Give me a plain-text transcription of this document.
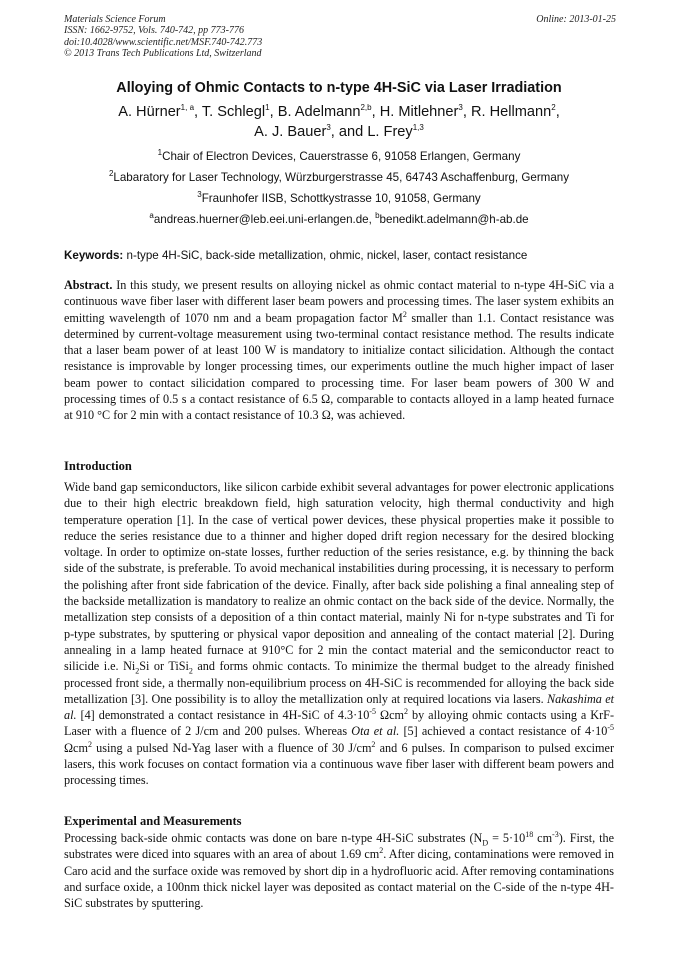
Materials Science Forum
ISSN: 1662-9752, Vols. 740-742, pp 773-776
doi:10.4028/www.scientific.net/MSF.740-742.773
© 2013 Trans Tech Publications Ltd, Switzerland
Online: 2013-01-25
Alloying of Ohmic Contacts to n-type 4H-SiC via Laser Irradiation
A. Hürner$^{1, a}$, T. Schlegl$^1$, B. Adelmann$^{2,b}$, H. Mitlehner$^3$, R. Hellmann$^2$,
A. J. Bauer$^3$, and L. Frey$^{1,3}$
$^1$Chair of Electron Devices, Cauerstrasse 6, 91058 Erlangen, Germany
$^2$Labaratory for Laser Technology, Würzburgerstrasse 45, 64743 Aschaffenburg, Germany
$^3$Fraunhofer IISB, Schottkystrasse 10, 91058, Germany
$^a$andreas.huerner@leb.eei.uni-erlangen.de, $^b$benedikt.adelmann@h-ab.de
Keywords: n-type 4H-SiC, back-side metallization, ohmic, nickel, laser, contact resistance
Abstract. In this study, we present results on alloying nickel as ohmic contact material to n-type 4H-SiC via a continuous wave fiber laser with different laser beam powers and processing times. The laser system exhibits an emitting wavelength of 1070 nm and a beam propagation factor $M^2$ smaller than 1.1. Contact resistance was determined by current-voltage measurement using two-terminal contact resistance method. The results indicate that a laser beam power of at least 100 W is mandatory to initialize contact silicidation. Although the contact resistance is improvable by longer processing times, our experiments outline the much higher impact of laser beam power to contact silicidation compared to processing time. For laser beam powers of 300 W and processing times of 0.5 s a contact resistance of 6.5 Ω, comparable to contacts alloyed in a lamp heated furnace at 910 °C for 2 min with a contact resistance of 10.3 Ω, was achieved.
Introduction
Wide band gap semiconductors, like silicon carbide exhibit several advantages for power electronic applications due to their high electric breakdown field, high saturation velocity, high thermal conductivity and high temperature operation [1]. In the case of vertical power devices, these physical properties make it possible to reduce the series resistance due to a thinner and higher doped drift region necessary for the desired blocking voltage. In order to optimize on-state losses, further reduction of the series resistance, e.g. by thinning the back side of the substrate, is preferable. To avoid mechanical instabilities during processing, it is necessary to perform the polishing after front side fabrication of the device. Finally, after back side polishing a final annealing step of the backside metallization is mandatory to realize an ohmic contact on the back side of the device. Normally, the metallization step consists of a deposition of a thin contact material, mainly Ni for n-type substrates and Ti for p-type substrates, by sputtering or physical vapor deposition and annealing of the contact material [2]. During annealing in a lamp heated furnace at 910°C for 2 min the contact material and the semiconductor react to silicide i.e. $Ni_2Si$ or TiSi$_2$ and forms ohmic contacts. To minimize the thermal budget to the already finished processed front side, a thermally non-equilibrium process on 4H-SiC is recommended for alloying the back side metallization [3]. One possibility is to alloy the metallization only at required locations via lasers. Nakashima et al. [4] demonstrated a contact resistance in 4H-SiC of $4.3\cdot 10^{-5}$ Ωcm$^2$ by alloying ohmic contacts using a KrF-Laser with a fluence of 2 J/cm and 200 pulses. Whereas Ota et al. [5] achieved a contact resistance of $4\cdot 10^{-5}$ Ωcm$^2$ using a pulsed Nd-Yag laser with a fluence of 30 $J/cm^2$ and 6 pulses. In comparison to pulsed excimer lasers, this work focuses on contact formation via a continuous wave fiber laser with different beam powers and processing times.
Experimental and Measurements
Processing back-side ohmic contacts was done on bare n-type 4H-SiC substrates ($N_D = 5\cdot 10^{18}$ $cm^{-3}$). First, the substrates were diced into squares with an area of about 1.69 $cm^2$. After dicing, contaminations were removed in Caro acid and the surface oxide was removed by short dip in a hydrofluoric acid. After removing contaminations and surface oxide, a 100nm thick nickel layer was deposited as contact material on the C-side of the n-type 4H-SiC substrates by sputtering.
